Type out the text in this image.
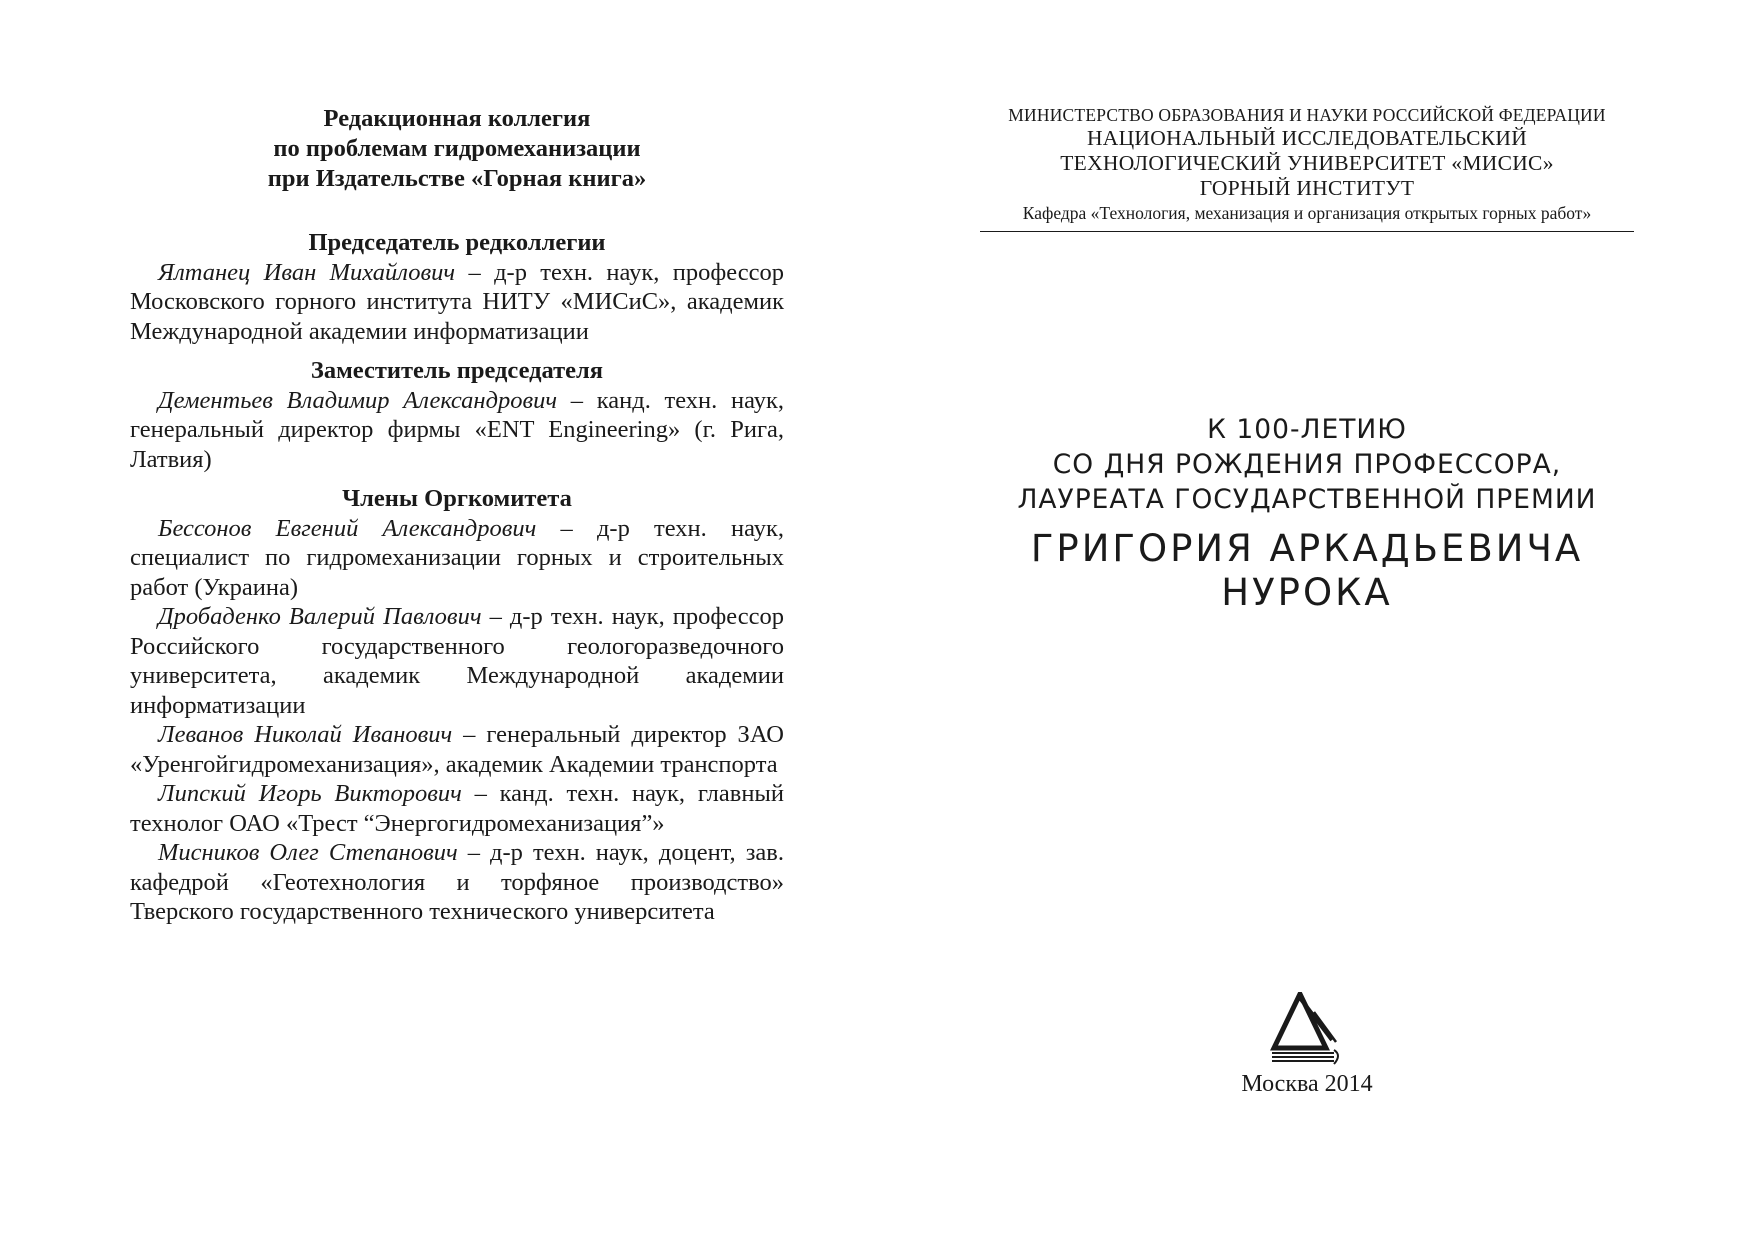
Редакционная коллегия
по проблемам гидромеханизации
при Издательстве «Горная книга»

Председатель редколлегии

Ялтанец Иван Михайлович – д-р техн. наук, профессор Московского горного института НИТУ «МИСиС», академик Международной академии информатизации

Заместитель председателя

Дементьев Владимир Александрович – канд. техн. наук, генеральный директор фирмы «ENT Engineering» (г. Рига, Латвия)

Члены Оргкомитета

Бессонов Евгений Александрович – д-р техн. наук, специалист по гидромеханизации горных и строительных работ (Украина)

Дробаденко Валерий Павлович – д-р техн. наук, профессор Российского государственного геологоразведочного университета, академик Международной академии информатизации

Леванов Николай Иванович – генеральный директор ЗАО «Уренгойгидромеханизация», академик Академии транспорта

Липский Игорь Викторович – канд. техн. наук, главный технолог ОАО «Трест “Энергогидромеханизация”»

Мисников Олег Степанович – д-р техн. наук, доцент, зав. кафедрой «Геотехнология и торфяное производство» Тверского государственного технического университета

МИНИСТЕРСТВО ОБРАЗОВАНИЯ И НАУКИ РОССИЙСКОЙ ФЕДЕРАЦИИ
НАЦИОНАЛЬНЫЙ ИССЛЕДОВАТЕЛЬСКИЙ
ТЕХНОЛОГИЧЕСКИЙ УНИВЕРСИТЕТ «МИСИС»
ГОРНЫЙ ИНСТИТУТ
Кафедра «Технология, механизация и организация открытых горных работ»
К 100-ЛЕТИЮ
СО ДНЯ РОЖДЕНИЯ ПРОФЕССОРА,
ЛАУРЕАТА ГОСУДАРСТВЕННОЙ ПРЕМИИ
ГРИГОРИЯ АРКАДЬЕВИЧА
НУРОКА
Москва 2014
